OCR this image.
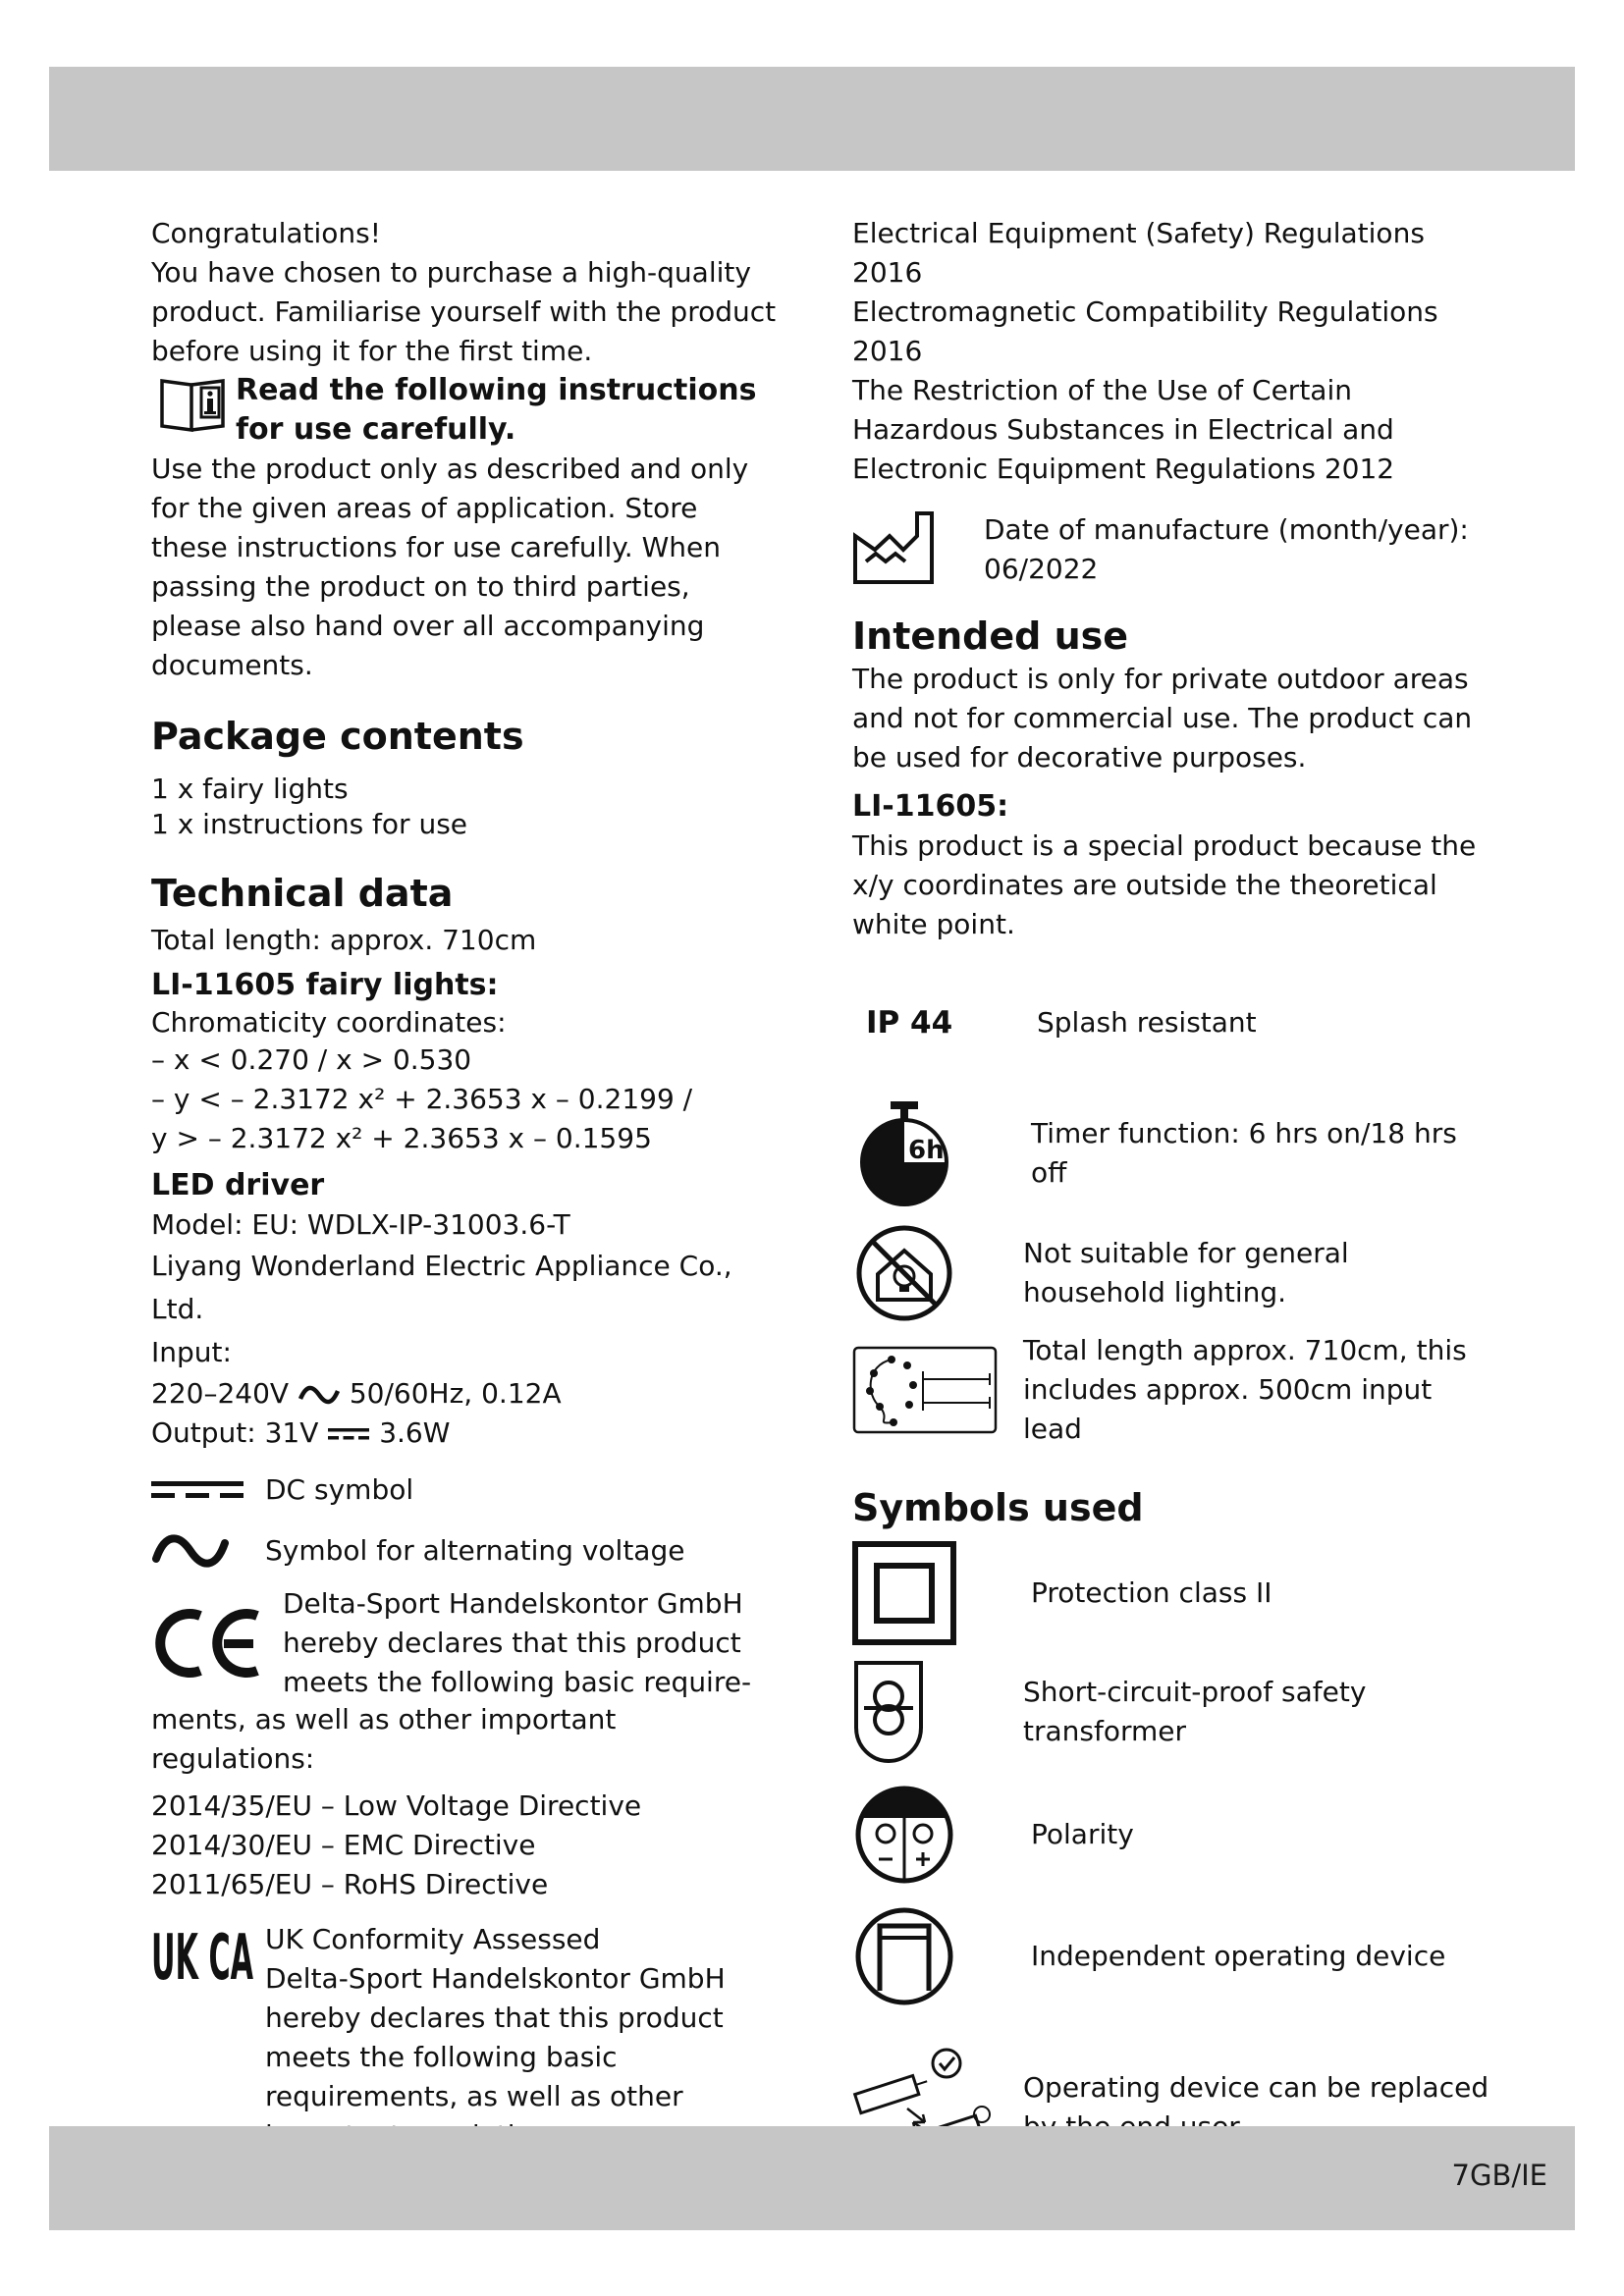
Congratulations!

You have chosen to purchase a high-quality product. Familiarise yourself with the product before using it for the first time.

Read the following instructions for use carefully.

Use the product only as described and only for the given areas of application. Store these instructions for use carefully. When passing the product on to third parties, please also hand over all accompanying documents.

Package contents

1 x fairy lights

1 x instructions for use

Technical data

Total length: approx. 710cm

LI-11605 fairy lights:

Chromaticity coordinates:

– x < 0.270 / x > 0.530

– y < – 2.3172 x² + 2.3653 x – 0.2199 /

y > – 2.3172 x² + 2.3653 x – 0.1595

LED driver

Model: EU: WDLX-IP-31003.6-T

Liyang Wonderland Electric Appliance Co., Ltd.

Input:

220–240V 50/60Hz, 0.12A

Output: 31V 3.6W

DC symbol

Symbol for alternating voltage

Delta-Sport Handelskontor GmbH hereby declares that this product meets the following basic require-

ments, as well as other important regulations:

2014/35/EU – Low Voltage Directive

2014/30/EU – EMC Directive

2011/65/EU – RoHS Directive

UK CA UK Conformity Assessed

Delta-Sport Handelskontor GmbH hereby declares that this product meets the following basic requirements, as well as other

Electrical Equipment (Safety) Regulations 2016

Electromagnetic Compatibility Regulations 2016

The Restriction of the Use of Certain Hazardous Substances in Electrical and Electronic Equipment Regulations 2012

Date of manufacture (month/year):

06/2022

Intended use

The product is only for private outdoor areas and not for commercial use. The product can be used for decorative purposes.

LI-11605:

This product is a special product because the x/y coordinates are outside the theoretical white point.

IP 44	Splash resistant

6h

Timer function: 6 hrs on/18 hrs off

Not suitable for general household lighting.

Total length approx. 710cm, this includes approx. 500cm input lead

Symbols used

Protection class II

Short-circuit-proof safety transformer

Polarity

Independent operating device

Operating device can be replaced

7GB/IE
